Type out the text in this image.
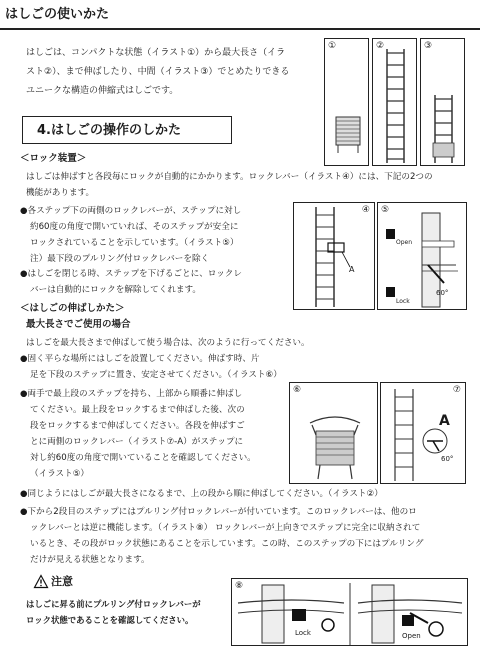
はしごの使いかた
はしごは、コンパクトな状態（イラスト①）から最大長さ（イラ
スト②）、まで伸ばしたり、中間（イラスト③）でとめたりできる
ユニークな構造の伸縮式はしごです。
①	②	③
4.はしごの操作のしかた
＜ロック装置＞
はしごは伸ばすと各段毎にロックが自動的にかかります。ロックレバー（イラスト④）には、下記の2つの
機能があります。
●各ステップ下の両側のロックレバーが、ステップに対し
約60度の角度で開いていれば、そのステップが安全に
ロックされていることを示しています。（イラスト⑤）
注）最下段のプルリング付ロックレバーを除く
●はしごを閉じる時、ステップを下げるごとに、ロックレ
バーは自動的にロックを解除してくれます。
④
A
⑤
Open
Lock
60°
＜はしごの伸ばしかた＞
最大長さでご使用の場合
はしごを最大長さまで伸ばして使う場合は、次のように行ってください。
●固く平らな場所にはしごを設置してください。伸ばす時、片
足を下段のステップに置き、安定させてください。（イラスト⑥）
●両手で最上段のステップを持ち、上部から順番に伸ばし
てください。最上段をロックするまで伸ばした後、次の
段をロックするまで伸ばしてください。各段を伸ばすご
とに両側のロックレバー（イラスト⑦-A）がステップに
対し約60度の角度で開いていることを確認してください。
（イラスト⑤）
⑥	⑦
A
60°
●同じようにはしごが最大長さになるまで、上の段から順に伸ばしてください。（イラスト②）
●下から2段目のステップにはプルリング付ロックレバーが付いています。このロックレバーは、他のロ
ックレバーとは逆に機能します。（イラスト⑧） ロックレバーが上向きでステップに完全に収納されて
いるとき、その段がロック状態にあることを示しています。この時、このステップの下にはプルリング
だけが見える状態となります。
注意
はしごに昇る前にプルリング付ロックレバーが
ロック状態であることを確認してください。
⑧
Lock	Open
